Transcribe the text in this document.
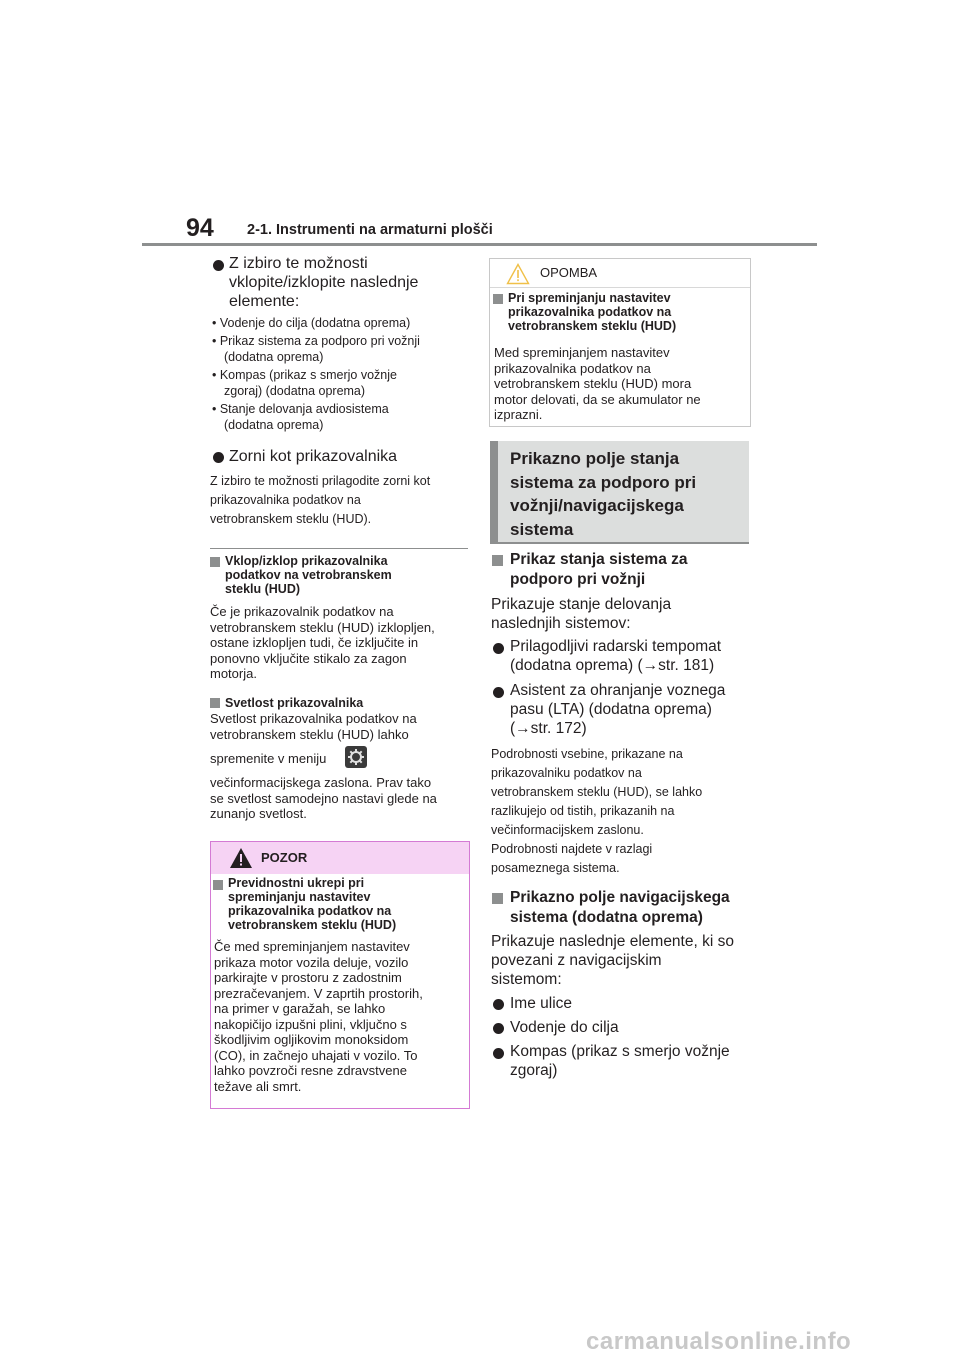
94 2-1. Instrumenti na armaturni plošči
Z izbiro te možnosti
vklopite/izklopite naslednje
elemente:
• Vodenje do cilja (dodatna oprema)
• Prikaz sistema za podporo pri vožnji
(dodatna oprema)
• Kompas (prikaz s smerjo vožnje
zgoraj) (dodatna oprema)
• Stanje delovanja avdiosistema
(dodatna oprema)
Zorni kot prikazovalnika
Z izbiro te možnosti prilagodite zorni kot
prikazovalnika podatkov na
vetrobranskem steklu (HUD).
Vklop/izklop prikazovalnika
podatkov na vetrobranskem
steklu (HUD)
Če je prikazovalnik podatkov na
vetrobranskem steklu (HUD) izklopljen,
ostane izklopljen tudi, če izključite in
ponovno vključite stikalo za zagon
motorja.
Svetlost prikazovalnika
Svetlost prikazovalnika podatkov na
vetrobranskem steklu (HUD) lahko
spremenite v meniju
večinformacijskega zaslona. Prav tako
se svetlost samodejno nastavi glede na
zunanjo svetlost.
POZOR
Previdnostni ukrepi pri
spreminjanju nastavitev
prikazovalnika podatkov na
vetrobranskem steklu (HUD)
Če med spreminjanjem nastavitev
prikaza motor vozila deluje, vozilo
parkirajte v prostoru z zadostnim
prezračevanjem. V zaprtih prostorih,
na primer v garažah, se lahko
nakopičijo izpušni plini, vključno s
škodljivim ogljikovim monoksidom
(CO), in začnejo uhajati v vozilo. To
lahko povzroči resne zdravstvene
težave ali smrt.
OPOMBA
Pri spreminjanju nastavitev
prikazovalnika podatkov na
vetrobranskem steklu (HUD)
Med spreminjanjem nastavitev
prikazovalnika podatkov na
vetrobranskem steklu (HUD) mora
motor delovati, da se akumulator ne
izprazni.
Prikazno polje stanja
sistema za podporo pri
vožnji/navigacijskega
sistema
Prikaz stanja sistema za
podporo pri vožnji
Prikazuje stanje delovanja
naslednjih sistemov:
Prilagodljivi radarski tempomat
(dodatna oprema) (→str. 181)
Asistent za ohranjanje voznega
pasu (LTA) (dodatna oprema)
(→str. 172)
Podrobnosti vsebine, prikazane na
prikazovalniku podatkov na
vetrobranskem steklu (HUD), se lahko
razlikujejo od tistih, prikazanih na
večinformacijskem zaslonu.
Podrobnosti najdete v razlagi
posameznega sistema.
Prikazno polje navigacijskega
sistema (dodatna oprema)
Prikazuje naslednje elemente, ki so
povezani z navigacijskim
sistemom:
Ime ulice
Vodenje do cilja
Kompas (prikaz s smerjo vožnje
zgoraj)
carmanualsonline.info
